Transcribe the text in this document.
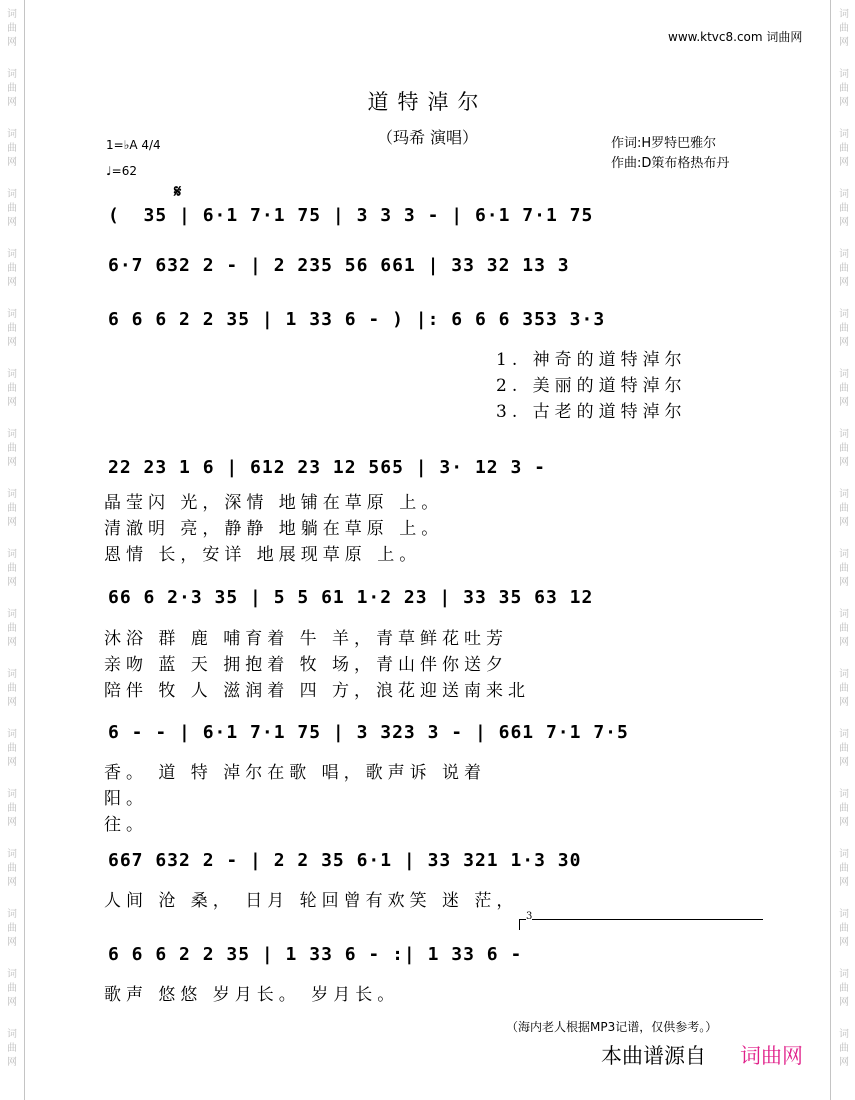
词
曲
网
词
曲
网
词
曲
网
词
曲
网
词
曲
网
词
曲
网
词
曲
网
词
曲
网
词
曲
网
词
曲
网
词
曲
网
词
曲
网
词
曲
网
词
曲
网
词
曲
网
词
曲
网
词
曲
网
词
曲
网
词
曲
网
词
曲
网
词
曲
网
词
曲
网
词
曲
网
词
曲
网
词
曲
网
词
曲
网
词
曲
网
词
曲
网
词
曲
网
词
曲
网
词
曲
网
词
曲
网
词
曲
网
词
曲
网
词
曲
网
词
曲
网
www.ktvc8.com 词曲网
道特淖尔
（玛希 演唱）	作词:H罗特巴雅尔
作曲:D策布格热布丹
1=♭A 4/4
♩=62
𝄋
(  35 | 6·1 7·1 75 | 3 3 3 - | 6·1 7·1 75
6·7 632 2 - | 2 235 56 661 | 33 32 13 3
6 6 6 2 2 35 | 1 33 6 - ) |: 6 6 6 353 3·3
22 23 1 6 | 612 23 12 565 | 3· 12 3 -
66 6 2·3 35 | 5 5 61 1·2 23 | 33 35 63 12
6 - - | 6·1 7·1 75 | 3 323 3 - | 661 7·1 7·5
667 632 2 - | 2 2 35 6·1 | 33 321 1·3 30
6 6 6 2 2 35 | 1 33 6 - :| 1 33 6 -
3
1. 神奇的道特淖尔
2. 美丽的道特淖尔
3. 古老的道特淖尔
晶莹闪 光，深情 地铺在草原 上。
清澈明 亮，静静 地躺在草原 上。
恩情 长，安详 地展现草原 上。
沐浴 群 鹿 哺育着 牛 羊，青草鲜花吐芳
亲吻 蓝 天 拥抱着 牧 场，青山伴你送夕
陪伴 牧 人 滋润着 四 方，浪花迎送南来北
香。 道 特 淖尔在歌 唱，歌声诉 说着
阳。
往。
人间 沧 桑， 日月 轮回曾有欢笑 迷 茫，
歌声 悠悠 岁月长。 岁月长。
（海内老人根据MP3记谱，仅供参考。）
本曲谱源自 词曲网
